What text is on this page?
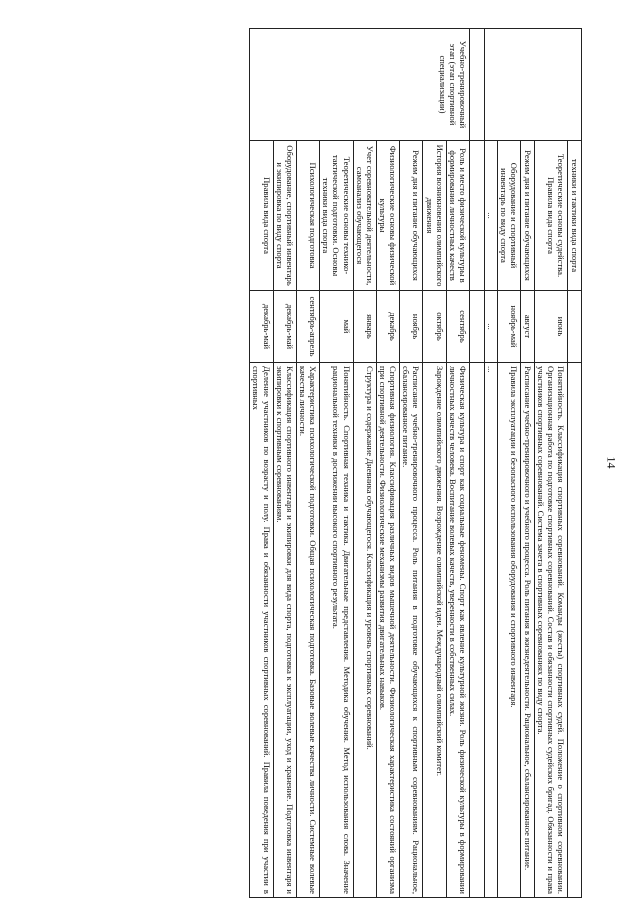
14
	техники и тактики вида спорта		
	Теоретические основы судейства. Правила вида спорта	июнь	Понятийность. Классификация спортивных соревнований. Команды (жесты) спортивных судей. Положение о спортивном соревновании. Организационная работа по подготовке спортивных соревнований. Состав и обязанности спортивных судейских бригад. Обязанности и права участников спортивных соревнований. Система зачета в спортивных соревнованиях по виду спорта.
	Режим дня и питание обучающихся	август	Расписание учебно-тренировочного и учебного процесса. Роль питания в жизнедеятельности. Рациональное, сбалансированное питание.
	Оборудование и спортивный инвентарь по виду спорта	ноябрь-май	Правила эксплуатации и безопасного использования оборудования и спортивного инвентаря.
	...	...	...

Учебно-тренировочный этап (этап спортивной специализации)	Роль и место физической культуры в формировании личностных качеств	сентябрь	Физическая культура и спорт как социальные феномены. Спорт как явление культурной жизни. Роль физической культуры в формировании личностных качеств человека. Воспитание волевых качеств, уверенности в собственных силах.
	История возникновения олимпийского движения	октябрь	Зарождение олимпийского движения. Возрождение олимпийской идеи. Международный олимпийский комитет.
	Режим дня и питание обучающихся	ноябрь	Расписание учебно-тренировочного процесса. Роль питания в подготовке обучающихся к спортивным соревнованиям. Рациональное, сбалансированное питание.
	Физиологические основы физической культуры	декабрь	Спортивная физиология. Классификация различных видов мышечной деятельности. Физиологическая характеристика состояний организма при спортивной деятельности. Физиологические механизмы развития двигательных навыков.
	Учет соревновательной деятельности, самоанализ обучающегося	январь	Структура и содержание Дневника обучающегося. Классификация и уровень спортивных соревнований.
	Теоретические основы технико-тактической подготовки. Основы техники вида спорта	май	Понятийность. Спортивная техника и тактика. Двигательные представления. Методика обучения. Метод использования слова. Значение рациональной техники в достижении высокого спортивного результата.
	Психологическая подготовка	сентябрь-апрель	Характеристика психологической подготовки. Общая психологическая подготовка. Базовые волевые качества личности. Системные волевые качества личности.
	Оборудование, спортивный инвентарь и экипировка по виду спорта	декабрь-май	Классификация спортивного инвентаря и экипировки для вида спорта, подготовка к эксплуатации, уход и хранение. Подготовка инвентаря и экипировки к спортивным соревнованиям.
	Правила вида спорта	декабрь-май	Деление участников по возрасту и полу. Права и обязанности участников спортивных соревнований. Правила поведения при участии в спортивных
